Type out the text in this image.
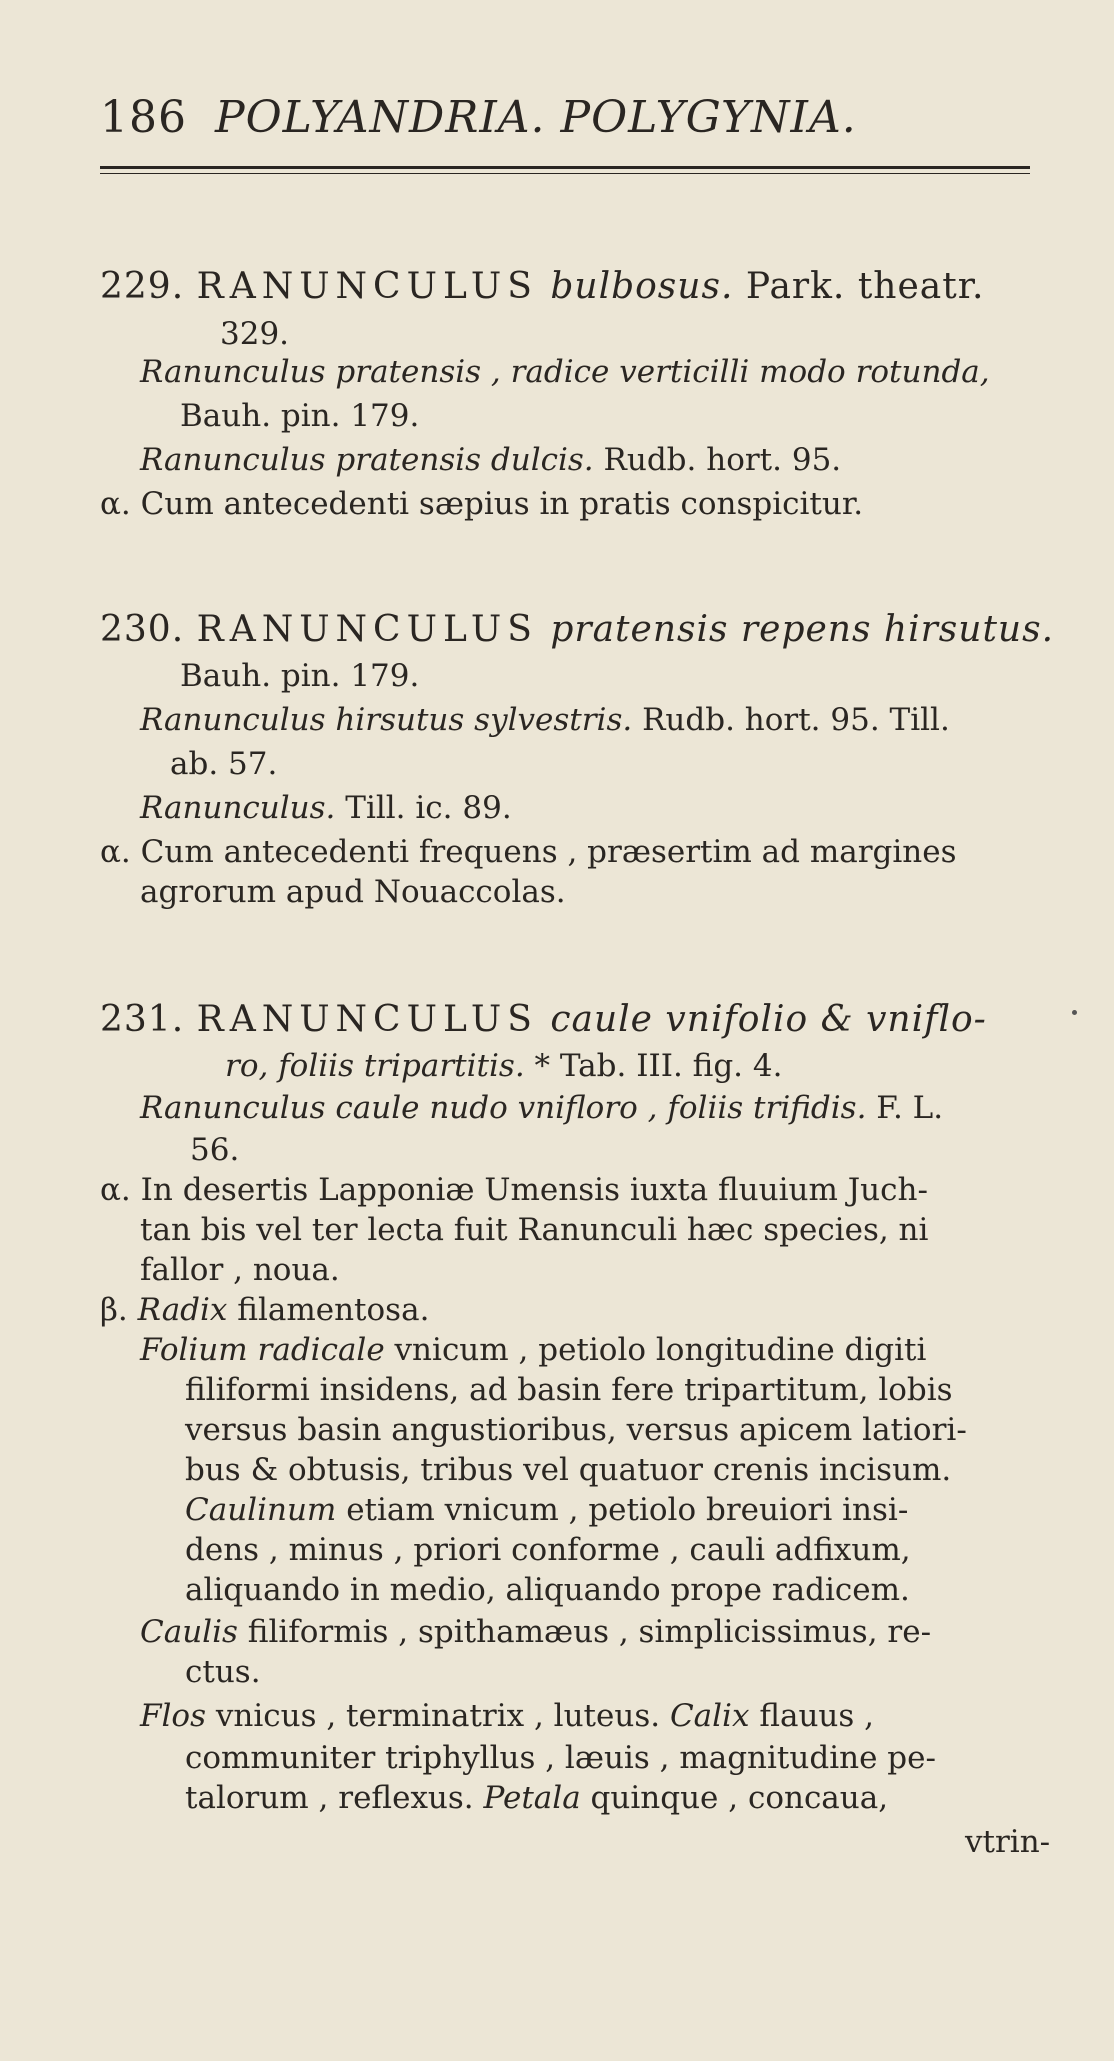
186 POLYANDRIA. POLYGYNIA.
229. RANUNCULUS bulbosus. Park. theatr.
329.
Ranunculus pratensis , radice verticilli modo rotunda,
Bauh. pin. 179.
Ranunculus pratensis dulcis. Rudb. hort. 95.
α. Cum antecedenti sæpius in pratis conspicitur.
230. RANUNCULUS pratensis repens hirsutus.
Bauh. pin. 179.
Ranunculus hirsutus sylvestris. Rudb. hort. 95. Till.
ab. 57.
Ranunculus. Till. ic. 89.
α. Cum antecedenti frequens , præsertim ad margines
agrorum apud Nouaccolas.
231. RANUNCULUS caule vnifolio & vniflo-
ro, foliis tripartitis. * Tab. III. fig. 4.
Ranunculus caule nudo vnifloro , foliis trifidis. F. L.
56.
α. In desertis Lapponiæ Umensis iuxta fluuium Juch-
tan bis vel ter lecta fuit Ranunculi hæc species, ni
fallor , noua.
β. Radix filamentosa.
Folium radicale vnicum , petiolo longitudine digiti
filiformi insidens, ad basin fere tripartitum, lobis
versus basin angustioribus, versus apicem latiori-
bus & obtusis, tribus vel quatuor crenis incisum.
Caulinum etiam vnicum , petiolo breuiori insi-
dens , minus , priori conforme , cauli adfixum,
aliquando in medio, aliquando prope radicem.
Caulis filiformis , spithamæus , simplicissimus, re-
ctus.
Flos vnicus , terminatrix , luteus. Calix flauus ,
communiter triphyllus , læuis , magnitudine pe-
talorum , reflexus. Petala quinque , concaua,
vtrin-
